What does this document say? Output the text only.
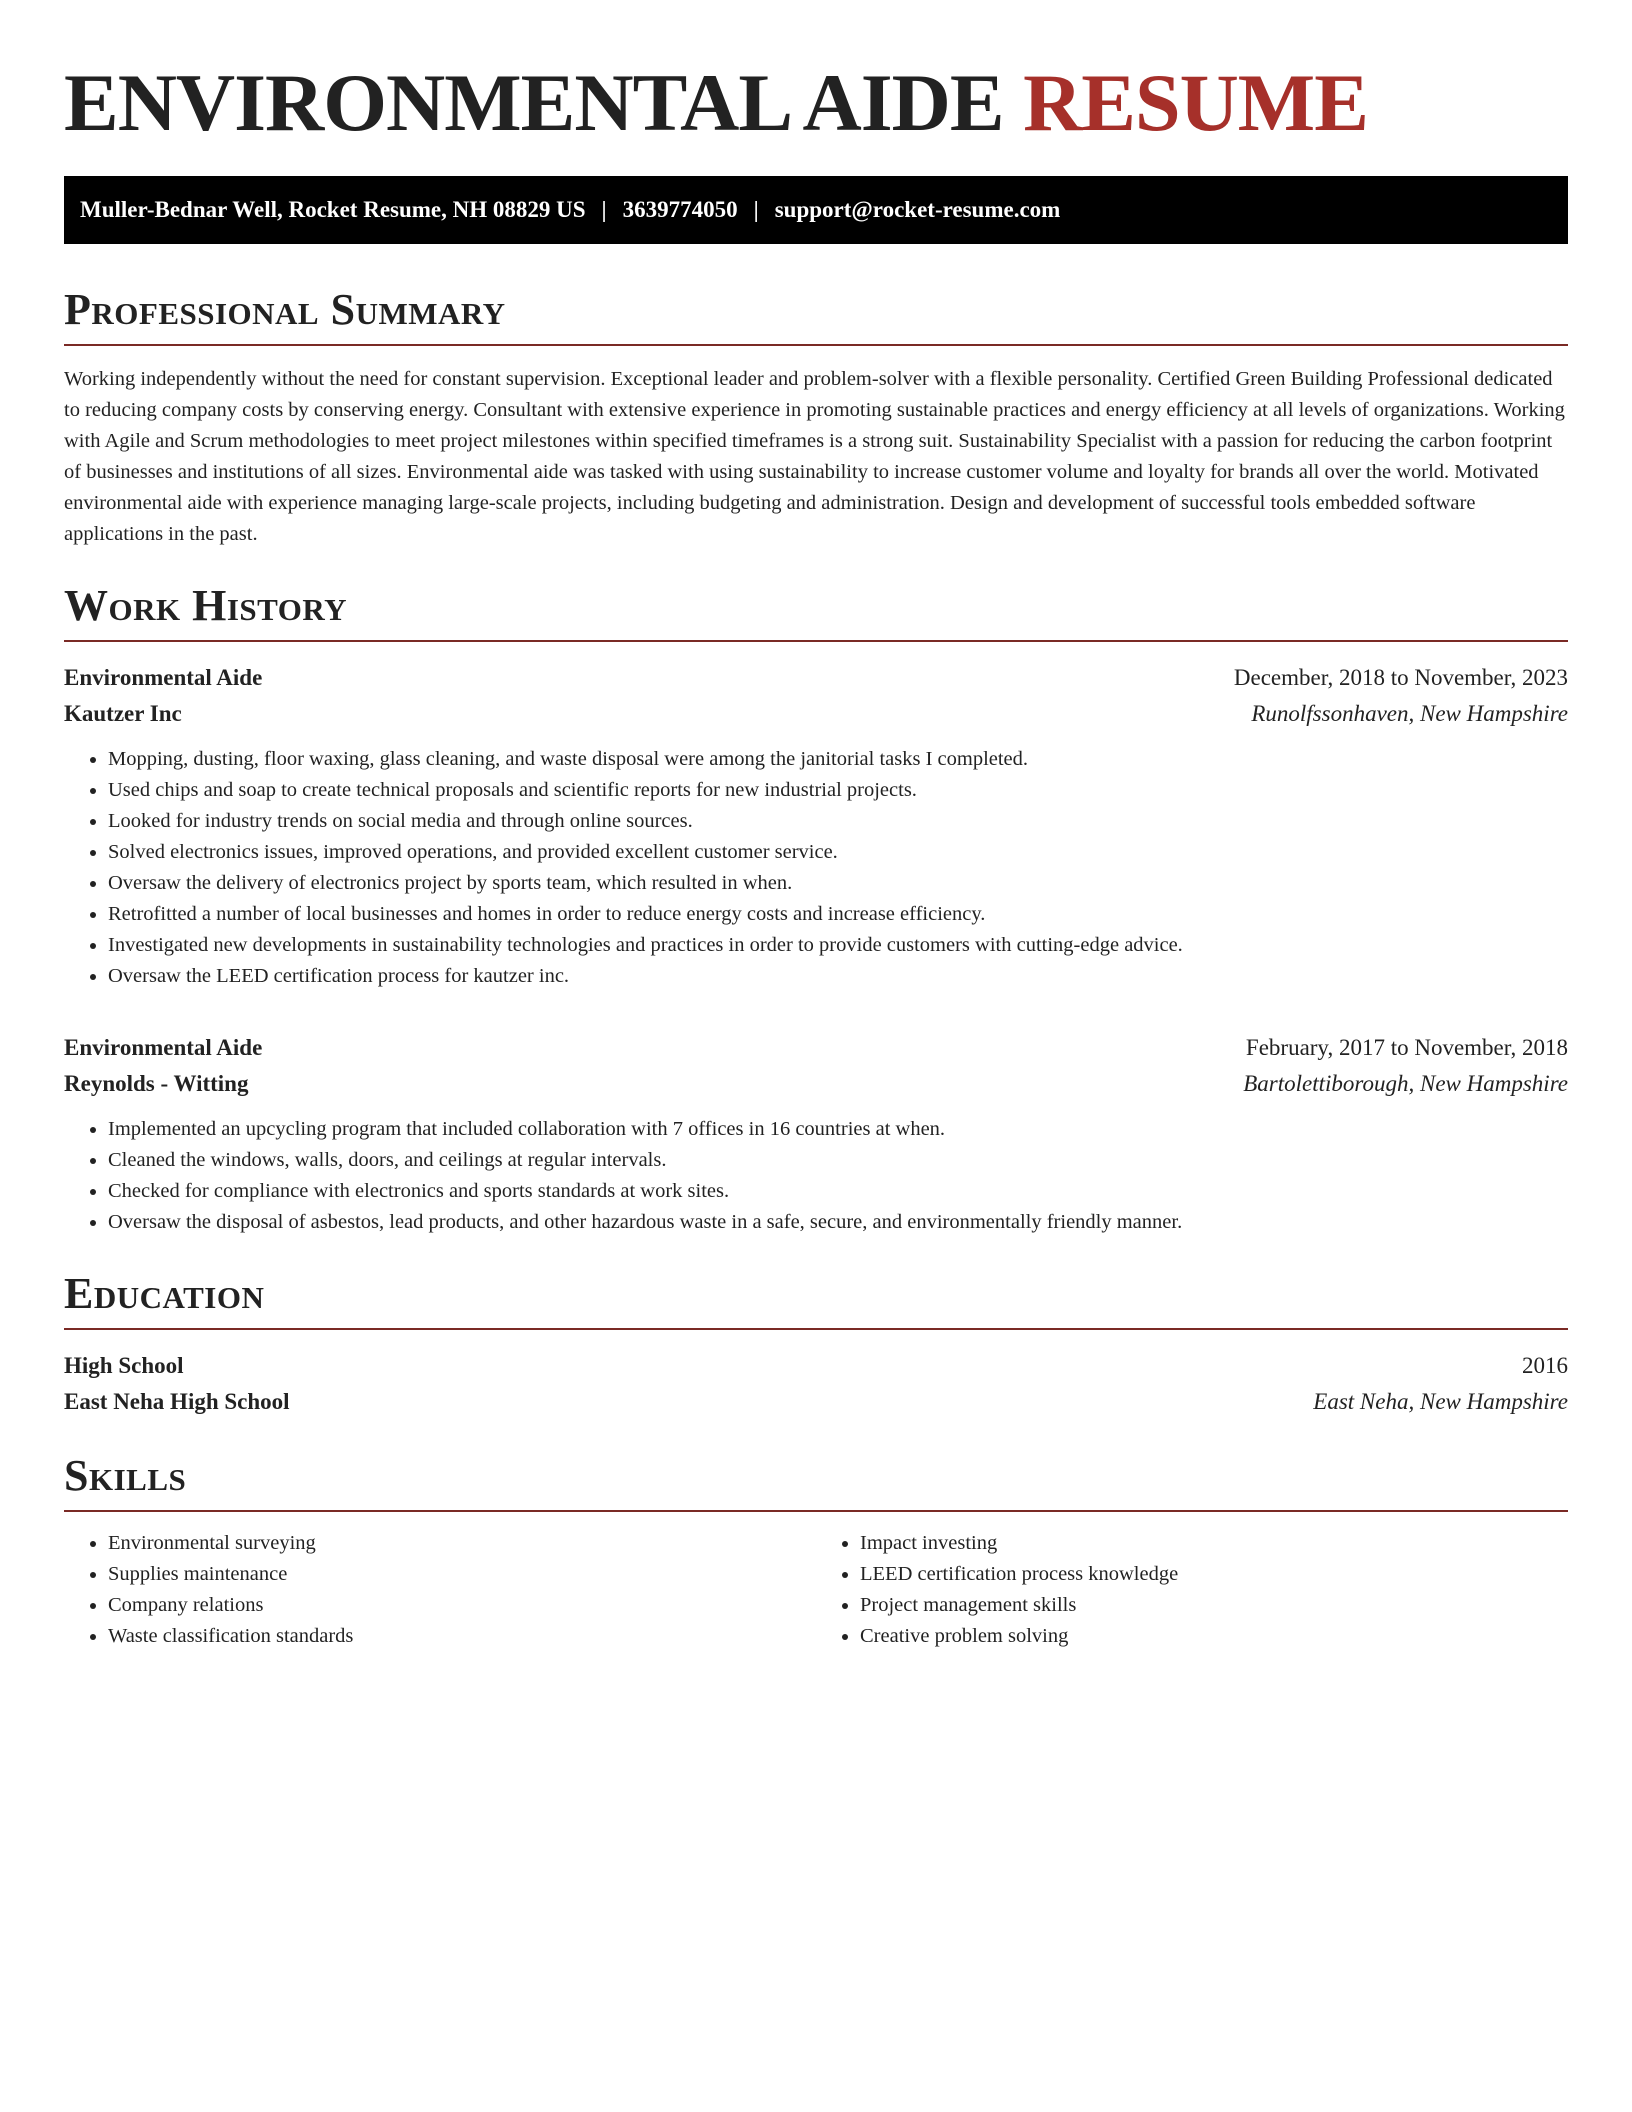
ENVIRONMENTAL AIDE RESUME
Muller-Bednar Well, Rocket Resume, NH 08829 US | 3639774050 | support@rocket-resume.com
Professional Summary

Working independently without the need for constant supervision. Exceptional leader and problem-solver with a flexible personality. Certified Green Building Professional dedicated to reducing company costs by conserving energy. Consultant with extensive experience in promoting sustainable practices and energy efficiency at all levels of organizations. Working with Agile and Scrum methodologies to meet project milestones within specified timeframes is a strong suit. Sustainability Specialist with a passion for reducing the carbon footprint of businesses and institutions of all sizes. Environmental aide was tasked with using sustainability to increase customer volume and loyalty for brands all over the world. Motivated environmental aide with experience managing large-scale projects, including budgeting and administration. Design and development of successful tools embedded software applications in the past.

Work History
Environmental Aide	December, 2018 to November, 2023
Kautzer Inc	Runolfssonhaven, New Hampshire
• Mopping, dusting, floor waxing, glass cleaning, and waste disposal were among the janitorial tasks I completed.
• Used chips and soap to create technical proposals and scientific reports for new industrial projects.
• Looked for industry trends on social media and through online sources.
• Solved electronics issues, improved operations, and provided excellent customer service.
• Oversaw the delivery of electronics project by sports team, which resulted in when.
• Retrofitted a number of local businesses and homes in order to reduce energy costs and increase efficiency.
• Investigated new developments in sustainability technologies and practices in order to provide customers with cutting-edge advice.
• Oversaw the LEED certification process for kautzer inc.
Environmental Aide	February, 2017 to November, 2018
Reynolds - Witting	Bartolettiborough, New Hampshire
• Implemented an upcycling program that included collaboration with 7 offices in 16 countries at when.
• Cleaned the windows, walls, doors, and ceilings at regular intervals.
• Checked for compliance with electronics and sports standards at work sites.
• Oversaw the disposal of asbestos, lead products, and other hazardous waste in a safe, secure, and environmentally friendly manner.
Education
High School	2016
East Neha High School	East Neha, New Hampshire
Skills
• Environmental surveying
• Supplies maintenance
• Company relations
• Waste classification standards
• Impact investing
• LEED certification process knowledge
• Project management skills
• Creative problem solving
